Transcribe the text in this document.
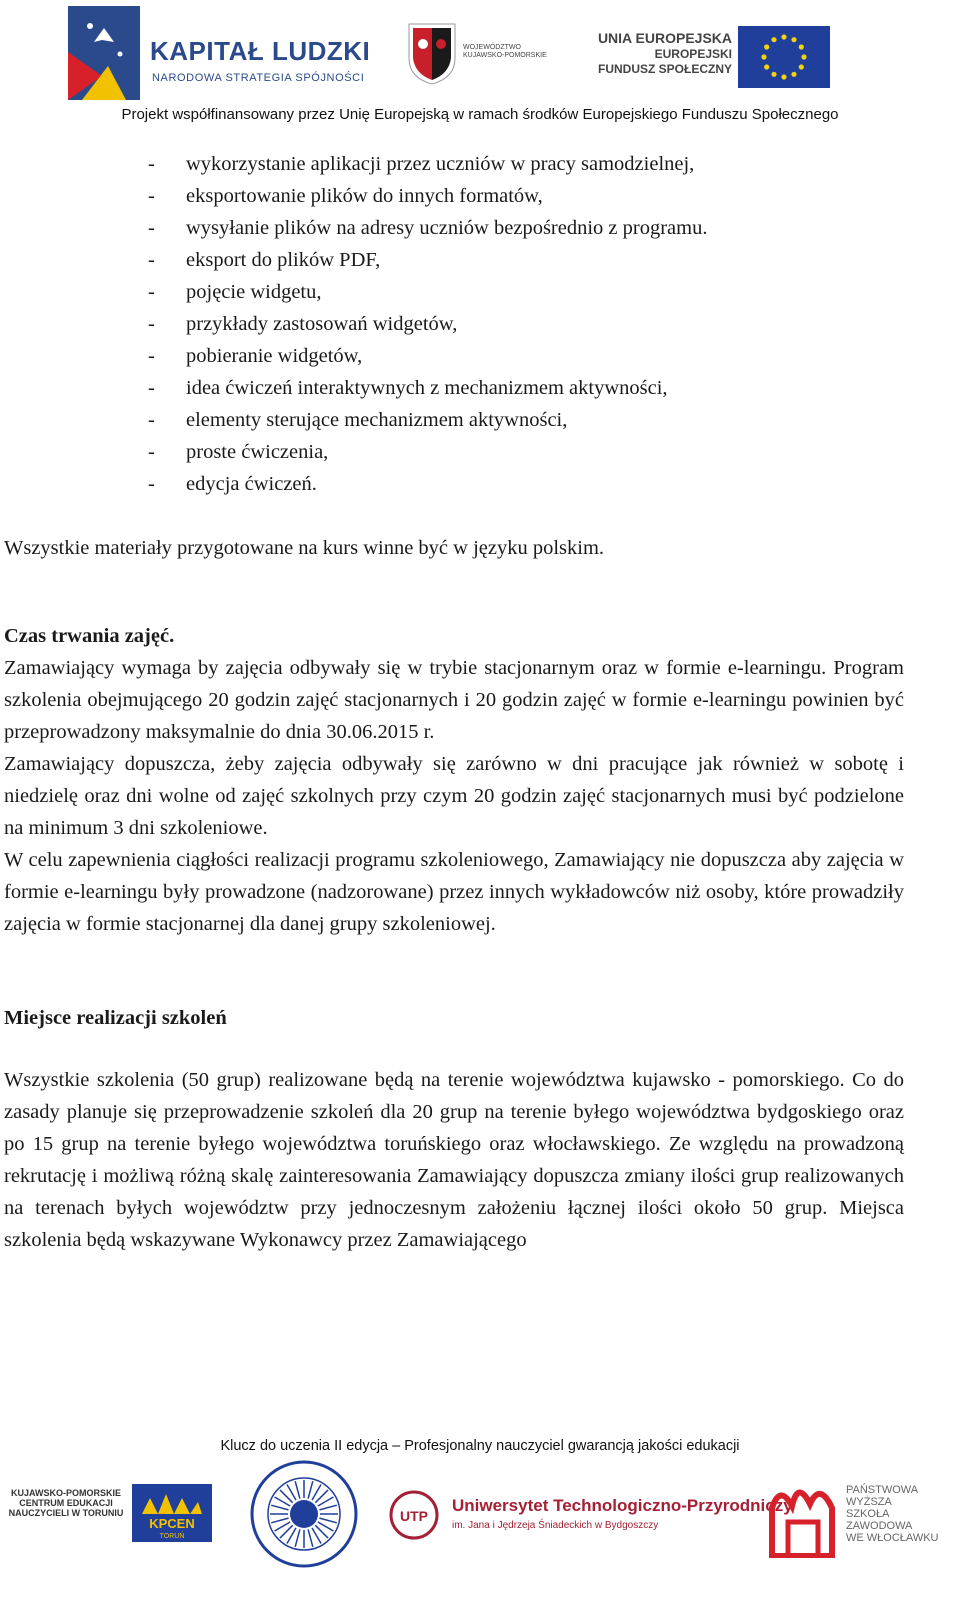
KAPITAŁ LUDZKI
NARODOWA STRATEGIA SPÓJNOŚCI
WOJEWÓDZTWO
KUJAWSKO-POMORSKIE
UNIA EUROPEJSKA
EUROPEJSKI
FUNDUSZ SPOŁECZNY
Projekt współfinansowany przez Unię Europejską w ramach środków Europejskiego Funduszu Społecznego
- wykorzystanie aplikacji przez uczniów w pracy samodzielnej,
- eksportowanie plików do innych formatów,
- wysyłanie plików na adresy uczniów bezpośrednio z programu.
- eksport do plików PDF,
- pojęcie widgetu,
- przykłady zastosowań widgetów,
- pobieranie widgetów,
- idea ćwiczeń interaktywnych z mechanizmem aktywności,
- elementy sterujące mechanizmem aktywności,
- proste ćwiczenia,
- edycja ćwiczeń.

Wszystkie materiały przygotowane na kurs winne być w języku polskim.

Czas trwania zajęć.

Zamawiający wymaga by zajęcia odbywały się w trybie stacjonarnym oraz w formie e-learningu. Program szkolenia obejmującego 20 godzin zajęć stacjonarnych i 20 godzin zajęć w formie e-learningu powinien być przeprowadzony maksymalnie do dnia 30.06.2015 r.

Zamawiający dopuszcza, żeby zajęcia odbywały się zarówno w dni pracujące jak również w sobotę i niedzielę oraz dni wolne od zajęć szkolnych przy czym 20 godzin zajęć stacjonarnych musi być podzielone na minimum 3 dni szkoleniowe.

W celu zapewnienia ciągłości realizacji programu szkoleniowego, Zamawiający nie dopuszcza aby zajęcia w formie e-learningu były prowadzone (nadzorowane) przez innych wykładowców niż osoby, które prowadziły zajęcia w formie stacjonarnej dla danej grupy szkoleniowej.

Miejsce realizacji szkoleń

Wszystkie szkolenia (50 grup) realizowane będą na terenie województwa kujawsko - pomorskiego. Co do zasady planuje się przeprowadzenie szkoleń dla 20 grup na terenie byłego województwa bydgoskiego oraz po 15 grup na terenie byłego województwa toruńskiego oraz włocławskiego. Ze względu na prowadzoną rekrutację i możliwą różną skalę zainteresowania Zamawiający dopuszcza zmiany ilości grup realizowanych na terenach byłych województw przy jednoczesnym założeniu łącznej ilości około 50 grup. Miejsca szkolenia będą wskazywane Wykonawcy przez Zamawiającego

Klucz do uczenia II edycja – Profesjonalny nauczyciel gwarancją jakości edukacji
KUJAWSKO-POMORSKIE CENTRUM EDUKACJI NAUCZYCIELI W TORUNIU
KPCEN
TORUŃ
UTP
Uniwersytet Technologiczno-Przyrodniczy
im. Jana i Jędrzeja Śniadeckich w Bydgoszczy
PAŃSTWOWA
WYŻSZA
SZKOŁA
ZAWODOWA
WE WŁOCŁAWKU
